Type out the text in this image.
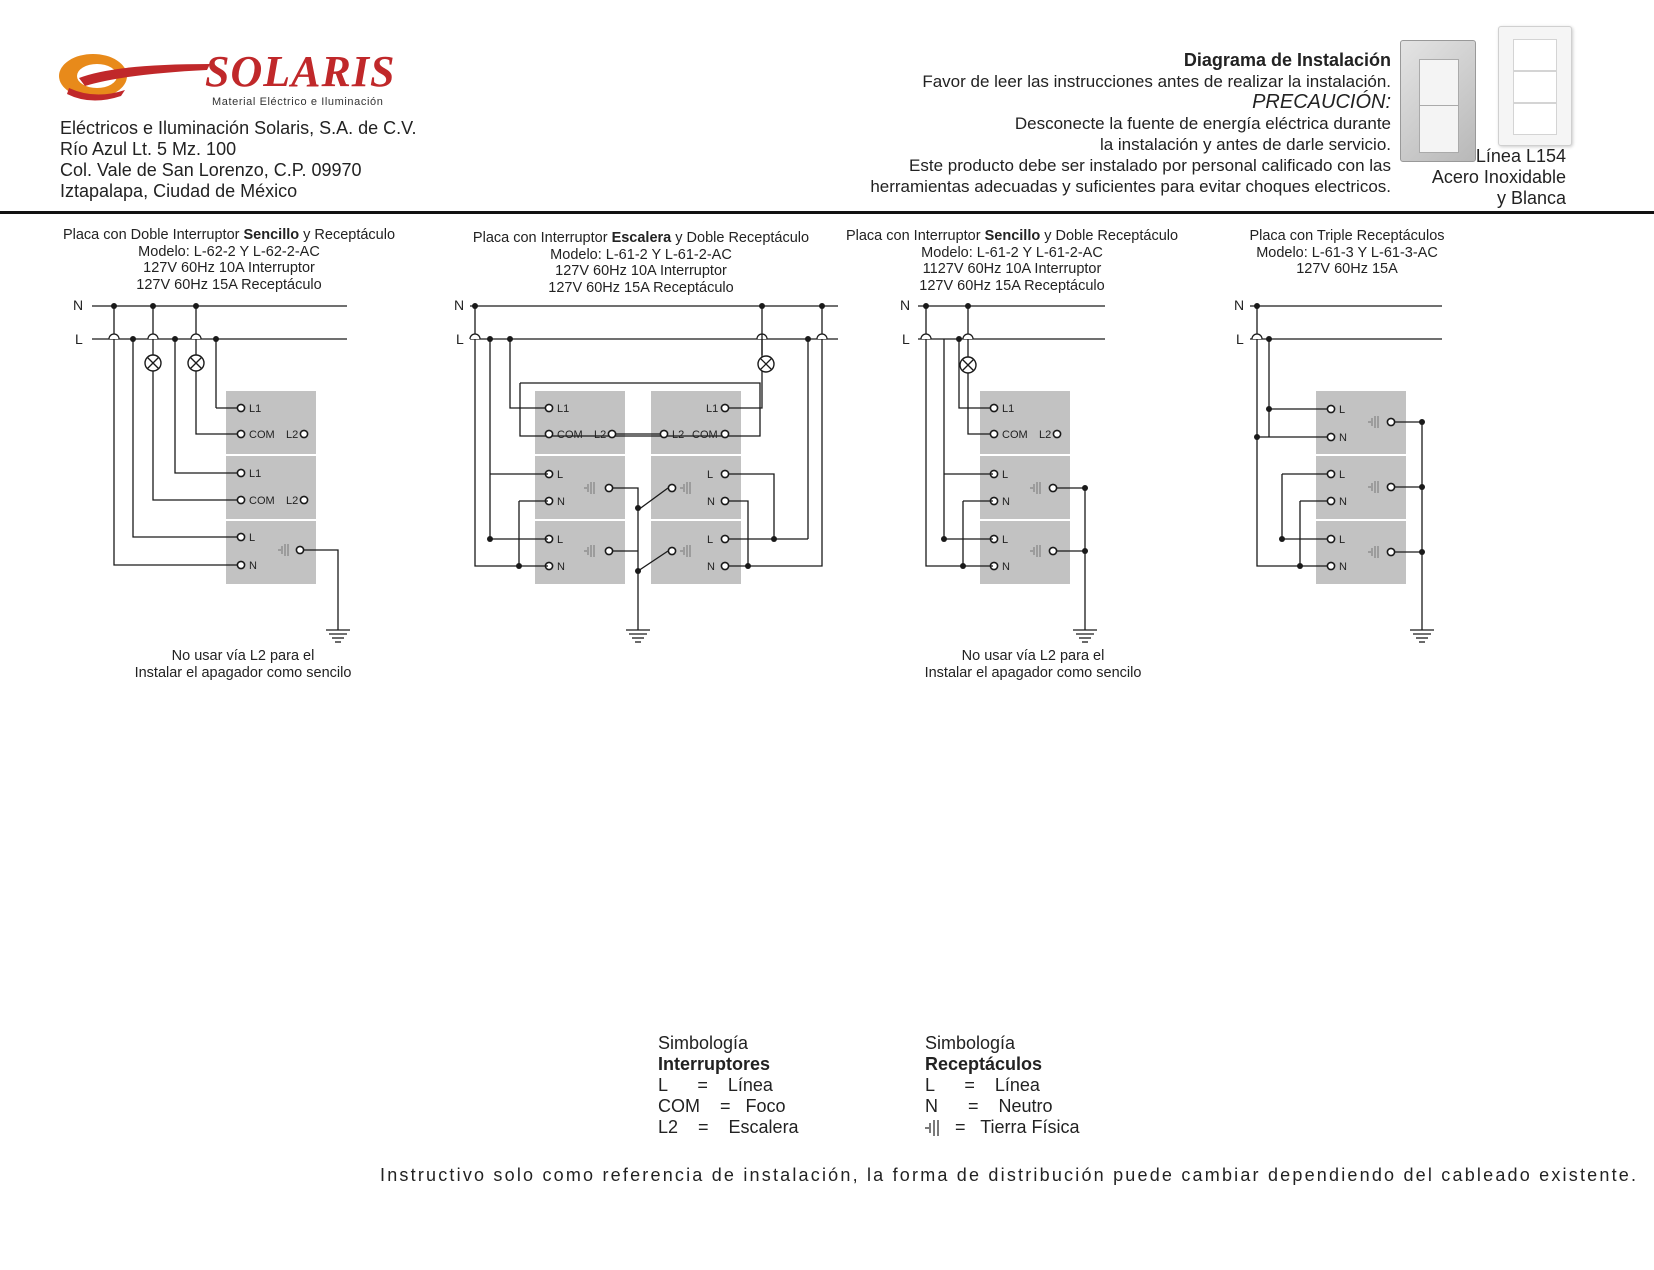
SOLARIS
Material Eléctrico e Iluminación
Eléctricos e Iluminación Solaris, S.A. de C.V.
Río Azul Lt. 5 Mz. 100
Col. Vale de San Lorenzo, C.P. 09970
Iztapalapa, Ciudad de México
Diagrama de Instalación
Favor de leer las instrucciones antes de realizar la instalación.
PRECAUCIÓN:
Desconecte la fuente de energía eléctrica durante
la instalación y antes de darle servicio.
Este producto debe ser instalado por personal calificado con las
herramientas adecuadas y suficientes para evitar choques electricos.
Línea L154
Acero Inoxidable
y Blanca
Placa con Doble Interruptor Sencillo y Receptáculo
Modelo: L-62-2 Y L-62-2-AC
127V 60Hz 10A Interruptor
127V 60Hz 15A Receptáculo
Placa con Interruptor Escalera y Doble Receptáculo
Modelo: L-61-2 Y L-61-2-AC
127V 60Hz 10A Interruptor
127V 60Hz 15A Receptáculo
Placa con Interruptor Sencillo y Doble Receptáculo
Modelo: L-61-2 Y L-61-2-AC
1127V 60Hz 10A Interruptor
127V 60Hz 15A Receptáculo
Placa con Triple Receptáculos
Modelo: L-61-3 Y L-61-3-AC
127V 60Hz 15A
No usar vía L2 para el
Instalar el apagador como sencilo
No usar vía L2 para el
Instalar el apagador como sencilo
N
L
L1
COM L2
L1
COM L2
L
N
N
L
L1
COM L2	L2
L1
COM
L
N
L
N
L
N
L
N
N
L
L1
COM L2
L
N
L
N
N
L
L
N
L
N
L
N
Simbología
Interruptores
L      =    Línea
COM    =   Foco
L2    =    Escalera
Simbología
Receptáculos
L      =    Línea
N      =    Neutro
=   Tierra Física
Instructivo solo como referencia de instalación, la forma de distribución puede cambiar dependiendo del cableado existente.
